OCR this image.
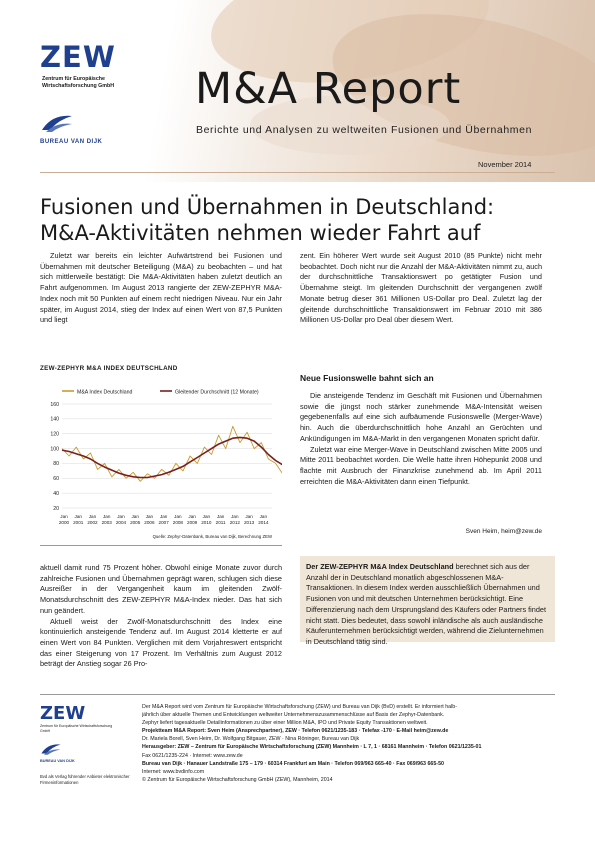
ZEW
Zentrum für Europäische Wirtschaftsforschung GmbH
BUREAU VAN DIJK
M&A Report
Berichte und Analysen zu weltweiten Fusionen und Übernahmen
November 2014
Fusionen und Übernahmen in Deutschland:
M&A-Aktivitäten nehmen wieder Fahrt auf

Zuletzt war bereits ein leichter Aufwärtstrend bei Fusionen und Übernahmen mit deutscher Beteiligung (M&A) zu beobachten – und hat sich mittlerweile bestätigt: Die M&A-Aktivitäten haben zuletzt deutlich an Fahrt aufgenommen. Im August 2013 rangierte der ZEW-ZEPHYR M&A-Index noch mit 50 Punkten auf einem recht niedrigen Niveau. Nur ein Jahr später, im August 2014, stieg der Index auf einen Wert von 87,5 Punkten und liegt

zent. Ein höherer Wert wurde seit August 2010 (85 Punkte) nicht mehr beobachtet. Doch nicht nur die Anzahl der M&A-Aktivitäten nimmt zu, auch der durchschnittliche Transaktionswert po getätigter Fusion und Übernahme steigt. Im gleitenden Durchschnitt der vergangenen zwölf Monate betrug dieser 361 Millionen US-Dollar pro Deal. Zuletzt lag der gleitende durchschnittliche Transaktionswert im Februar 2010 mit 386 Millionen US-Dollar pro Deal über diesem Wert.

Neue Fusionswelle bahnt sich an

Die ansteigende Tendenz im Geschäft mit Fusionen und Übernahmen sowie die jüngst noch stärker zunehmende M&A-Intensität weisen gegebenenfalls auf eine sich aufbäumende Fusionswelle (Merger-Wave) hin. Auch die überdurchschnittlich hohe Anzahl an Gerüchten und Ankündigungen im M&A-Markt in den vergangenen Monaten spricht dafür.

Zuletzt war eine Merger-Wave in Deutschland zwischen Mitte 2005 und Mitte 2011 beobachtet worden. Die Welle hatte ihren Höhepunkt 2008 und flachte mit Ausbruch der Finanzkrise zunehmend ab. Im April 2011 erreichten die M&A-Aktivitäten dann einen Tiefpunkt.

Sven Heim, heim@zew.de
ZEW-ZEPHYR M&A INDEX DEUTSCHLAND
M&A Index Deutschland	Gleitender Durchschnitt (12 Monate)
20
40
60
80
100
120
140
160
Jan
2000
Jan
2001
Jan
2002
Jan
2003
Jan
2004
Jan
2005
Jan
2006
Jan
2007
Jan
2008
Jan
2009
Jan
2010
Jan
2011
Jan
2012
Jan
2013
Jan
2014
Quelle: Zephyr-Datenbank, Bureau van Dijk, Berechnung ZEW

aktuell damit rund 75 Prozent höher. Obwohl einige Monate zuvor durch zahlreiche Fusionen und Übernahmen geprägt waren, schlugen sich diese Ausreißer in der Vergangenheit kaum im gleitenden Zwölf-Monatsdurchschnitt des ZEW-ZEPHYR M&A-Index nieder. Das hat sich nun geändert.

Aktuell weist der Zwölf-Monatsdurchschnitt des Index eine kontinuierlich ansteigende Tendenz auf. Im August 2014 kletterte er auf einen Wert von 84 Punkten. Verglichen mit dem Vorjahreswert entspricht das einer Steigerung von 17 Prozent. Im Verhältnis zum August 2012 beträgt der Anstieg sogar 26 Pro-

Der ZEW-ZEPHYR M&A Index Deutschland berechnet sich aus der Anzahl der in Deutschland monatlich abgeschlossenen M&A-Transaktionen. In diesem Index werden ausschließlich Übernahmen und Fusionen von und mit deutschen Unternehmen berücksichtigt. Eine Differenzierung nach dem Ursprungsland des Käufers oder Partners findet nicht statt. Dies bedeutet, dass sowohl inländische als auch ausländische Käuferunternehmen berücksichtigt werden, während die Zielunternehmen in Deutschland tätig sind.
ZEW
Zentrum für Europäische Wirtschaftsforschung GmbH
BUREAU VAN DIJK
Bvd als Verlag führender Anbieter elektronischer Firmeninformationen
Der M&A Report wird vom Zentrum für Europäische Wirtschaftsforschung (ZEW) und Bureau van Dijk (BvD) erstellt. Er informiert halb-
jährlich über aktuelle Themen und Entwicklungen weltweiter Unternehmenszusammenschlüsse auf Basis der Zephyr-Datenbank.
Zephyr liefert tagesaktuelle Detailinformationen zu über einer Million M&A, IPO und Private Equity Transaktionen weltweit.
Projektteam M&A Report: Sven Heim (Ansprechpartner), ZEW · Telefon 0621/1235-183 · Telefax -170 · E-Mail heim@zew.de
Dr. Mariela Borell, Sven Heim, Dr. Wolfgang Bitgauer, ZEW · Nina Röninger, Bureau van Dijk
Herausgeber: ZEW – Zentrum für Europäische Wirtschaftsforschung (ZEW) Mannheim · L 7, 1 · 68161 Mannheim · Telefon 0621/1235-01
Fax 0621/1235-224 · Internet: www.zew.de
Bureau van Dijk · Hanauer Landstraße 175 – 179 · 60314 Frankfurt am Main · Telefon 069/963 665-40 · Fax 069/963 665-50
Internet: www.bvdinfo.com
© Zentrum für Europäische Wirtschaftsforschung GmbH (ZEW), Mannheim, 2014
